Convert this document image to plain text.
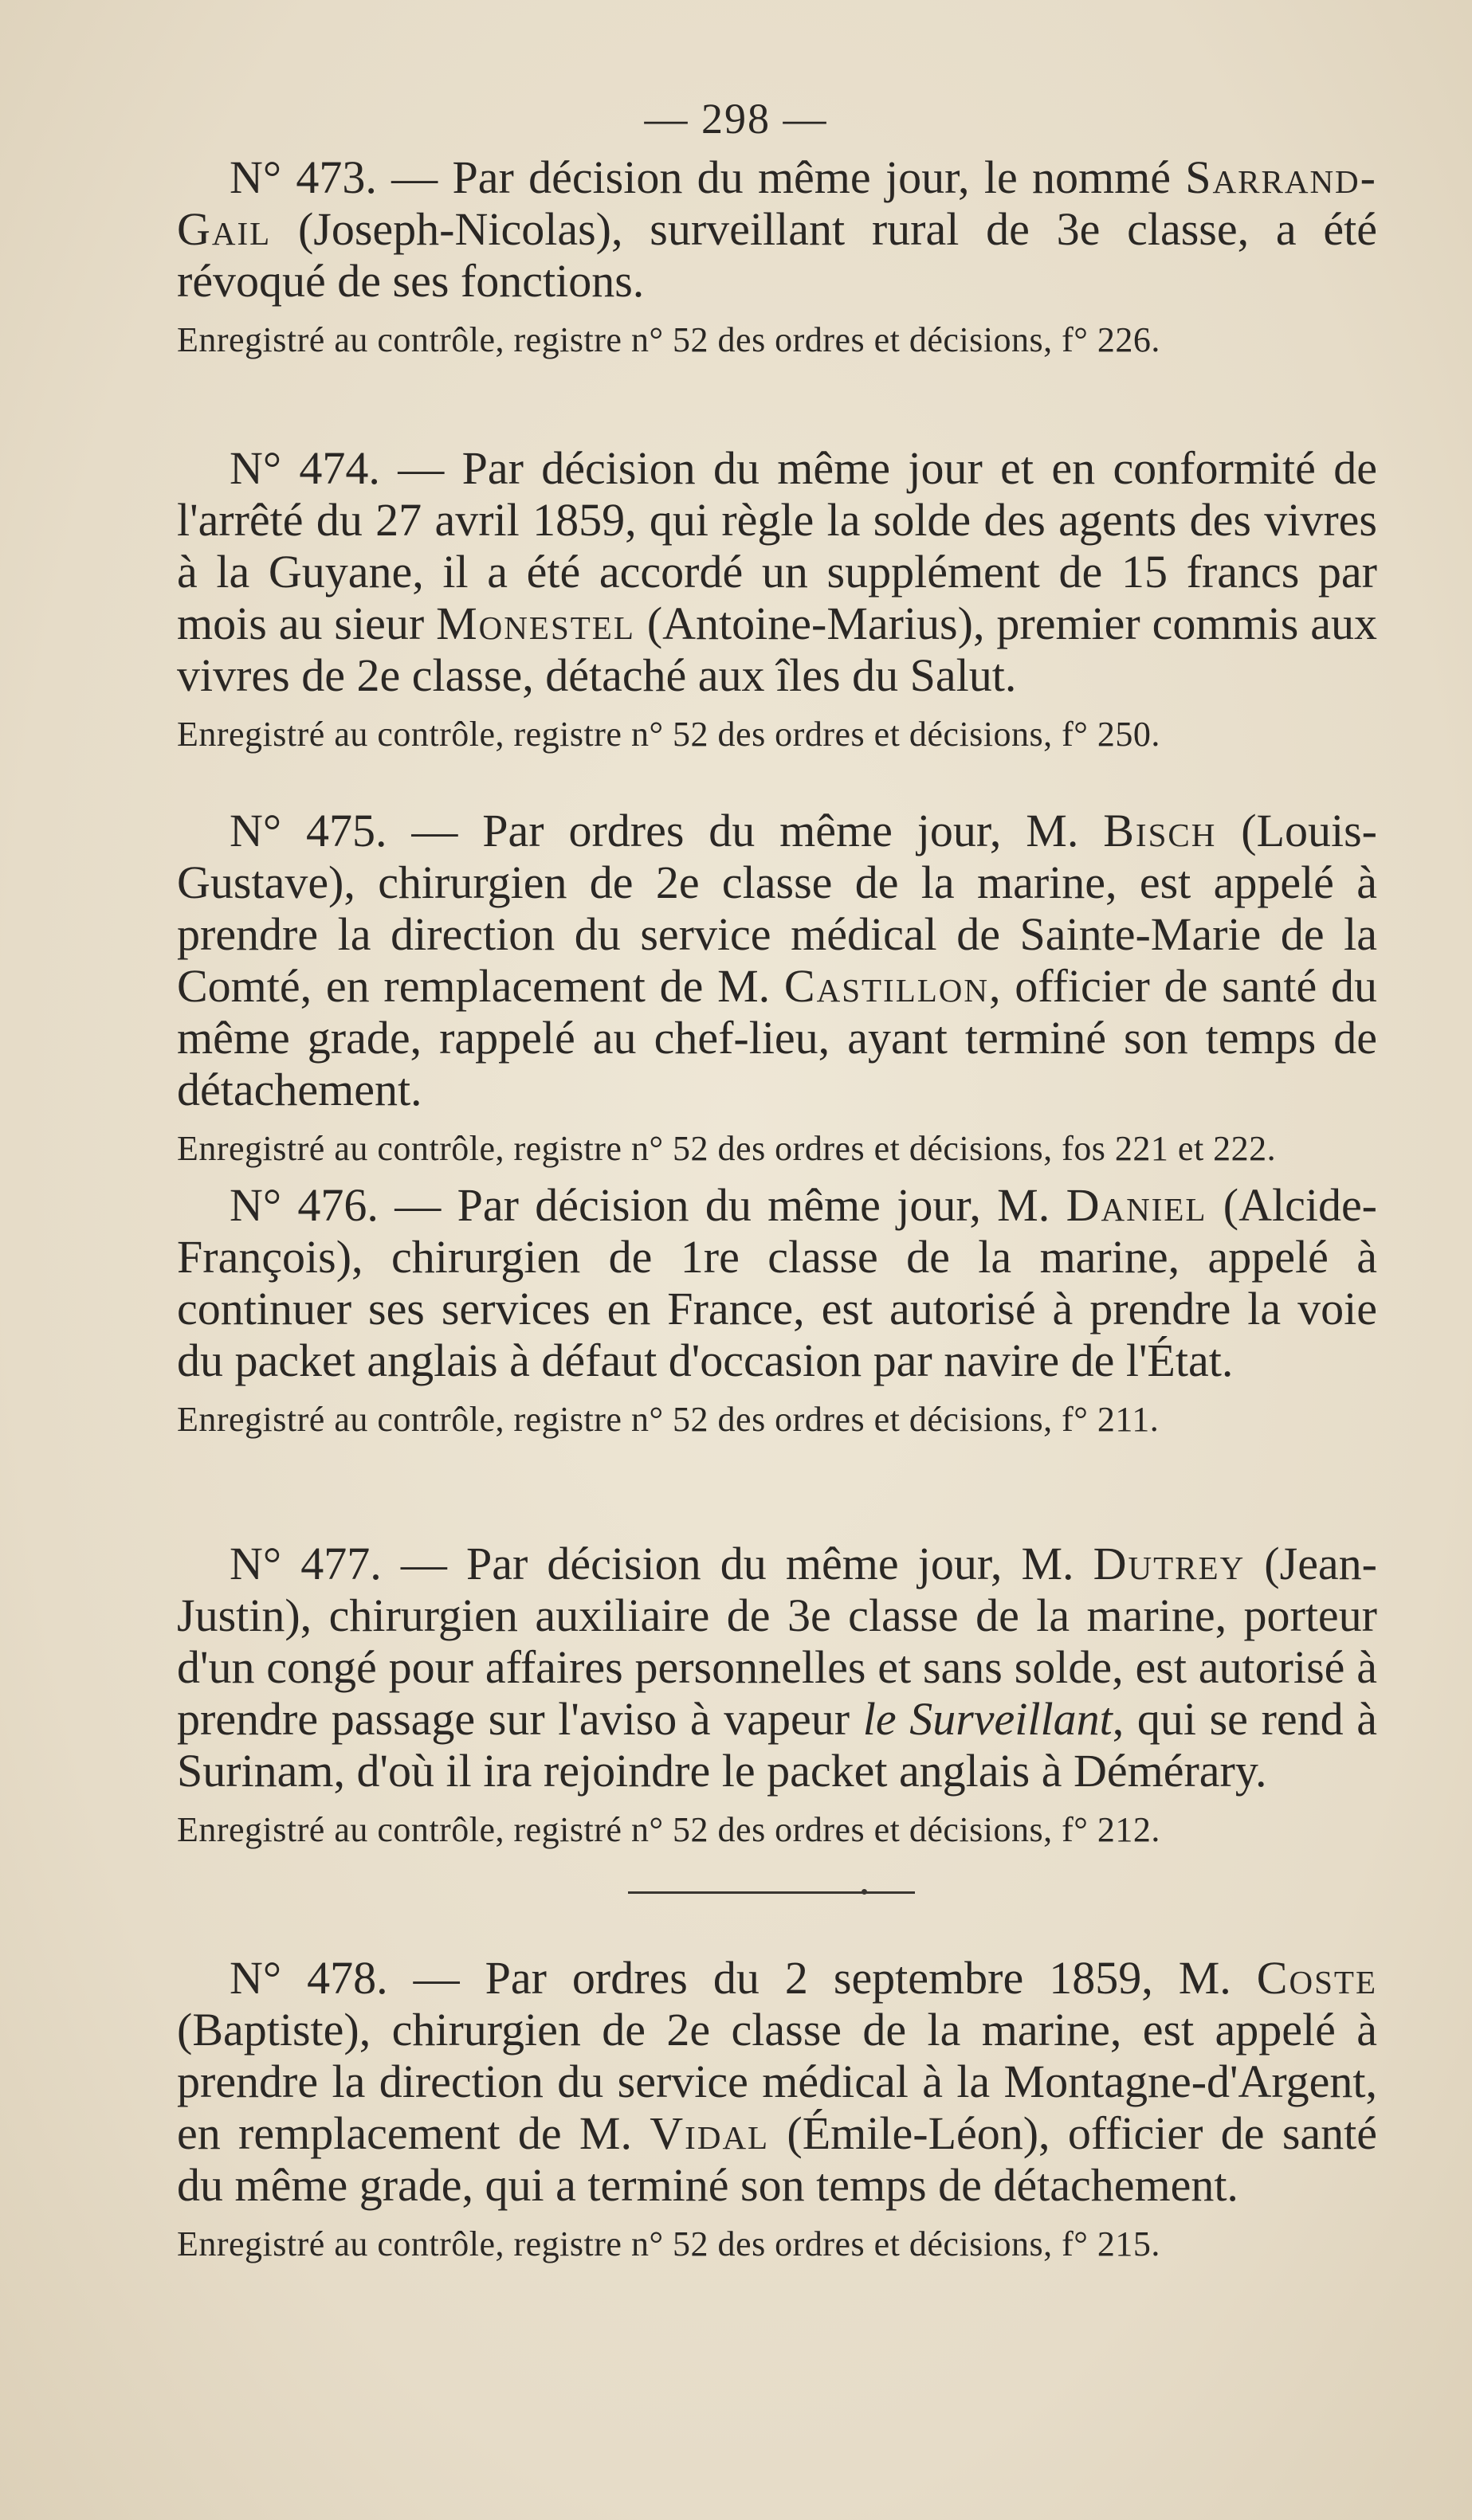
— 298 —

N° 473. — Par décision du même jour, le nommé Sarrand-Gail (Joseph-Nicolas), surveillant rural de 3e classe, a été révoqué de ses fonctions.

Enregistré au contrôle, registre n° 52 des ordres et décisions, f° 226.

N° 474. — Par décision du même jour et en conformité de l'arrêté du 27 avril 1859, qui règle la solde des agents des vivres à la Guyane, il a été accordé un supplément de 15 francs par mois au sieur Monestel (Antoine-Marius), premier commis aux vivres de 2e classe, détaché aux îles du Salut.

Enregistré au contrôle, registre n° 52 des ordres et décisions, f° 250.

N° 475. — Par ordres du même jour, M. Bisch (Louis-Gustave), chirurgien de 2e classe de la marine, est appelé à prendre la direction du service médical de Sainte-Marie de la Comté, en remplacement de M. Castillon, officier de santé du même grade, rappelé au chef-lieu, ayant terminé son temps de détachement.

Enregistré au contrôle, registre n° 52 des ordres et décisions, fos 221 et 222.

N° 476. — Par décision du même jour, M. Daniel (Alcide-François), chirurgien de 1re classe de la marine, appelé à continuer ses services en France, est autorisé à prendre la voie du packet anglais à défaut d'occasion par navire de l'État.

Enregistré au contrôle, registre n° 52 des ordres et décisions, f° 211.

N° 477. — Par décision du même jour, M. Dutrey (Jean-Justin), chirurgien auxiliaire de 3e classe de la marine, porteur d'un congé pour affaires personnelles et sans solde, est autorisé à prendre passage sur l'aviso à vapeur le Surveillant, qui se rend à Surinam, d'où il ira rejoindre le packet anglais à Démérary.

Enregistré au contrôle, registré n° 52 des ordres et décisions, f° 212.

N° 478. — Par ordres du 2 septembre 1859, M. Coste (Baptiste), chirurgien de 2e classe de la marine, est appelé à prendre la direction du service médical à la Montagne-d'Argent, en remplacement de M. Vidal (Émile-Léon), officier de santé du même grade, qui a terminé son temps de détachement.

Enregistré au contrôle, registre n° 52 des ordres et décisions, f° 215.
